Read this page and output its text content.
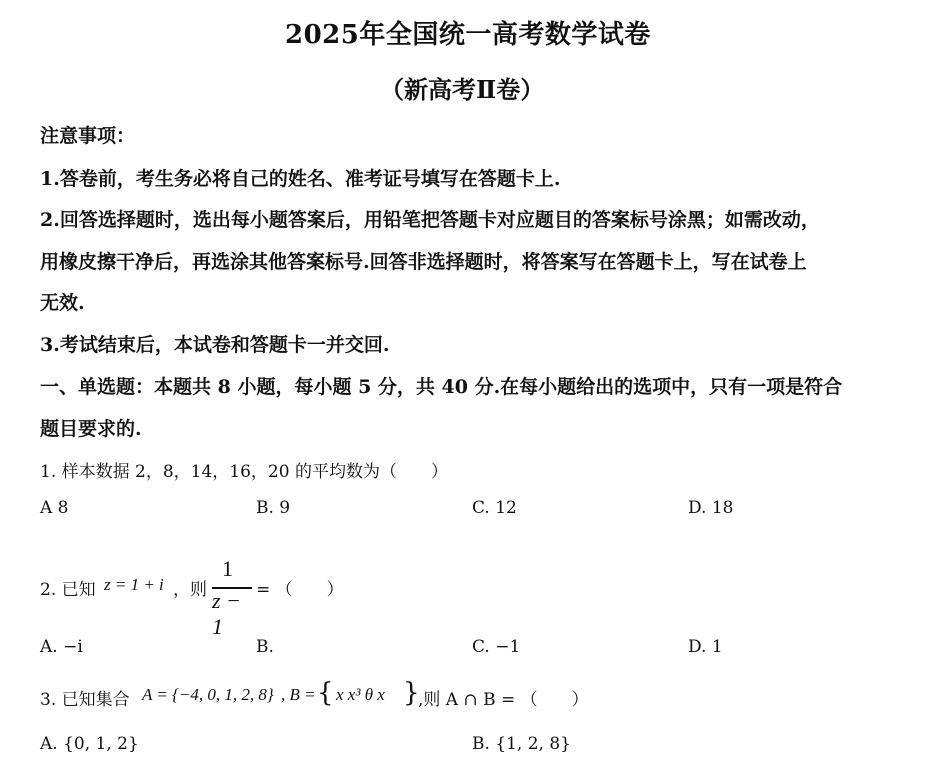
2025年全国统一高考数学试卷
（新高考Ⅱ卷）
注意事项：
1.答卷前，考生务必将自己的姓名、准考证号填写在答题卡上.
2.回答选择题时，选出每小题答案后，用铅笔把答题卡对应题目的答案标号涂黑；如需改动，
用橡皮擦干净后，再选涂其他答案标号.回答非选择题时，将答案写在答题卡上，写在试卷上
无效.
3.考试结束后，本试卷和答题卡一并交回.
一、单选题：本题共 8 小题，每小题 5 分，共 40 分.在每小题给出的选项中，只有一项是符合
题目要求的.
1. 样本数据 2，8，14，16，20 的平均数为（　　）
A 8	B. 9	C. 12	D. 18
2. 已知 z = 1 + i ，则
1
z − 1
= （　　）
A. −i	B.	C. −1	D. 1
3. 已知集合 A = {−4, 0, 1, 2, 8} , B = { x x³ θ x }
,则 A ∩ B = （　　）
A. {0, 1, 2}	B. {1, 2, 8}
